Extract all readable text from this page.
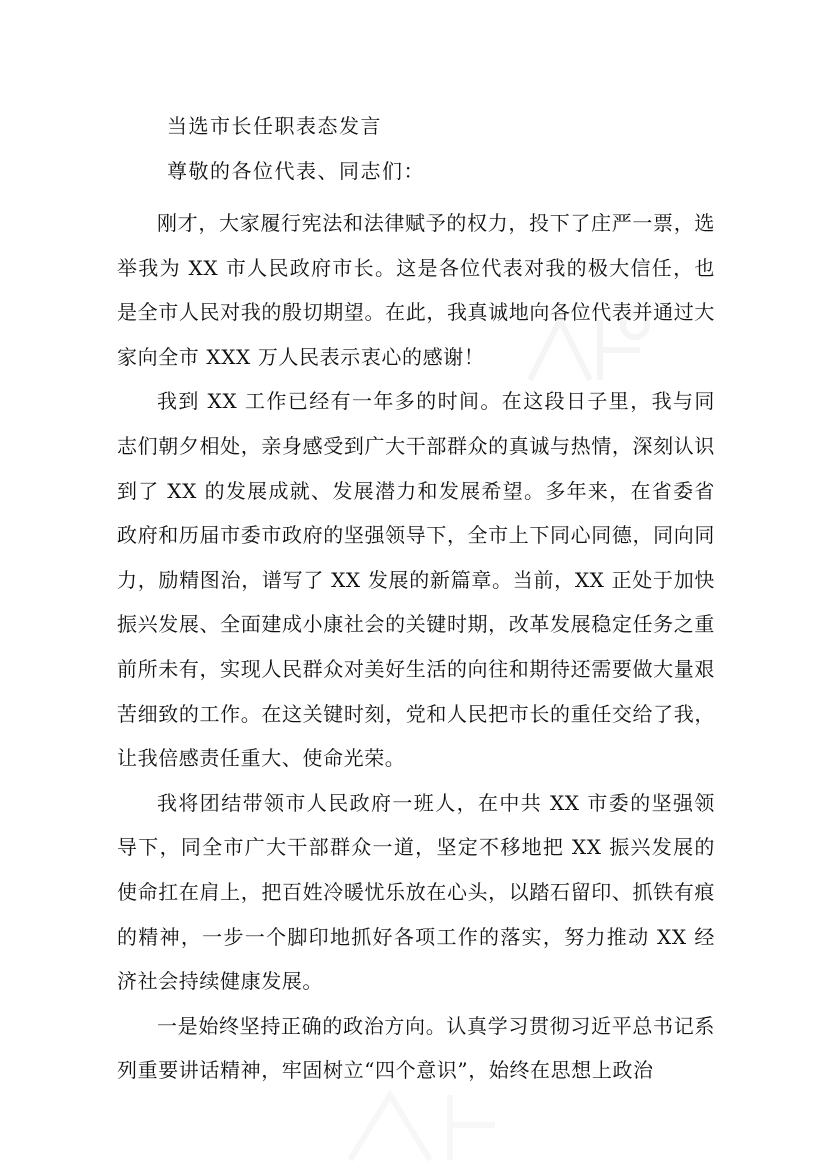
当选市长任职表态发言
尊敬的各位代表、同志们：

刚才，大家履行宪法和法律赋予的权力，投下了庄严一票，选举我为 XX 市人民政府市长。这是各位代表对我的极大信任，也是全市人民对我的殷切期望。在此，我真诚地向各位代表并通过大家向全市 XXX 万人民表示衷心的感谢！

我到 XX 工作已经有一年多的时间。在这段日子里，我与同志们朝夕相处，亲身感受到广大干部群众的真诚与热情，深刻认识到了 XX 的发展成就、发展潜力和发展希望。多年来，在省委省政府和历届市委市政府的坚强领导下，全市上下同心同德，同向同力，励精图治，谱写了 XX 发展的新篇章。当前，XX 正处于加快振兴发展、全面建成小康社会的关键时期，改革发展稳定任务之重前所未有，实现人民群众对美好生活的向往和期待还需要做大量艰苦细致的工作。在这关键时刻，党和人民把市长的重任交给了我，让我倍感责任重大、使命光荣。

我将团结带领市人民政府一班人，在中共 XX 市委的坚强领导下，同全市广大干部群众一道，坚定不移地把 XX 振兴发展的使命扛在肩上，把百姓冷暖忧乐放在心头，以踏石留印、抓铁有痕的精神，一步一个脚印地抓好各项工作的落实，努力推动 XX 经济社会持续健康发展。

一是始终坚持正确的政治方向。认真学习贯彻习近平总书记系列重要讲话精神，牢固树立“四个意识”，始终在思想上政治
